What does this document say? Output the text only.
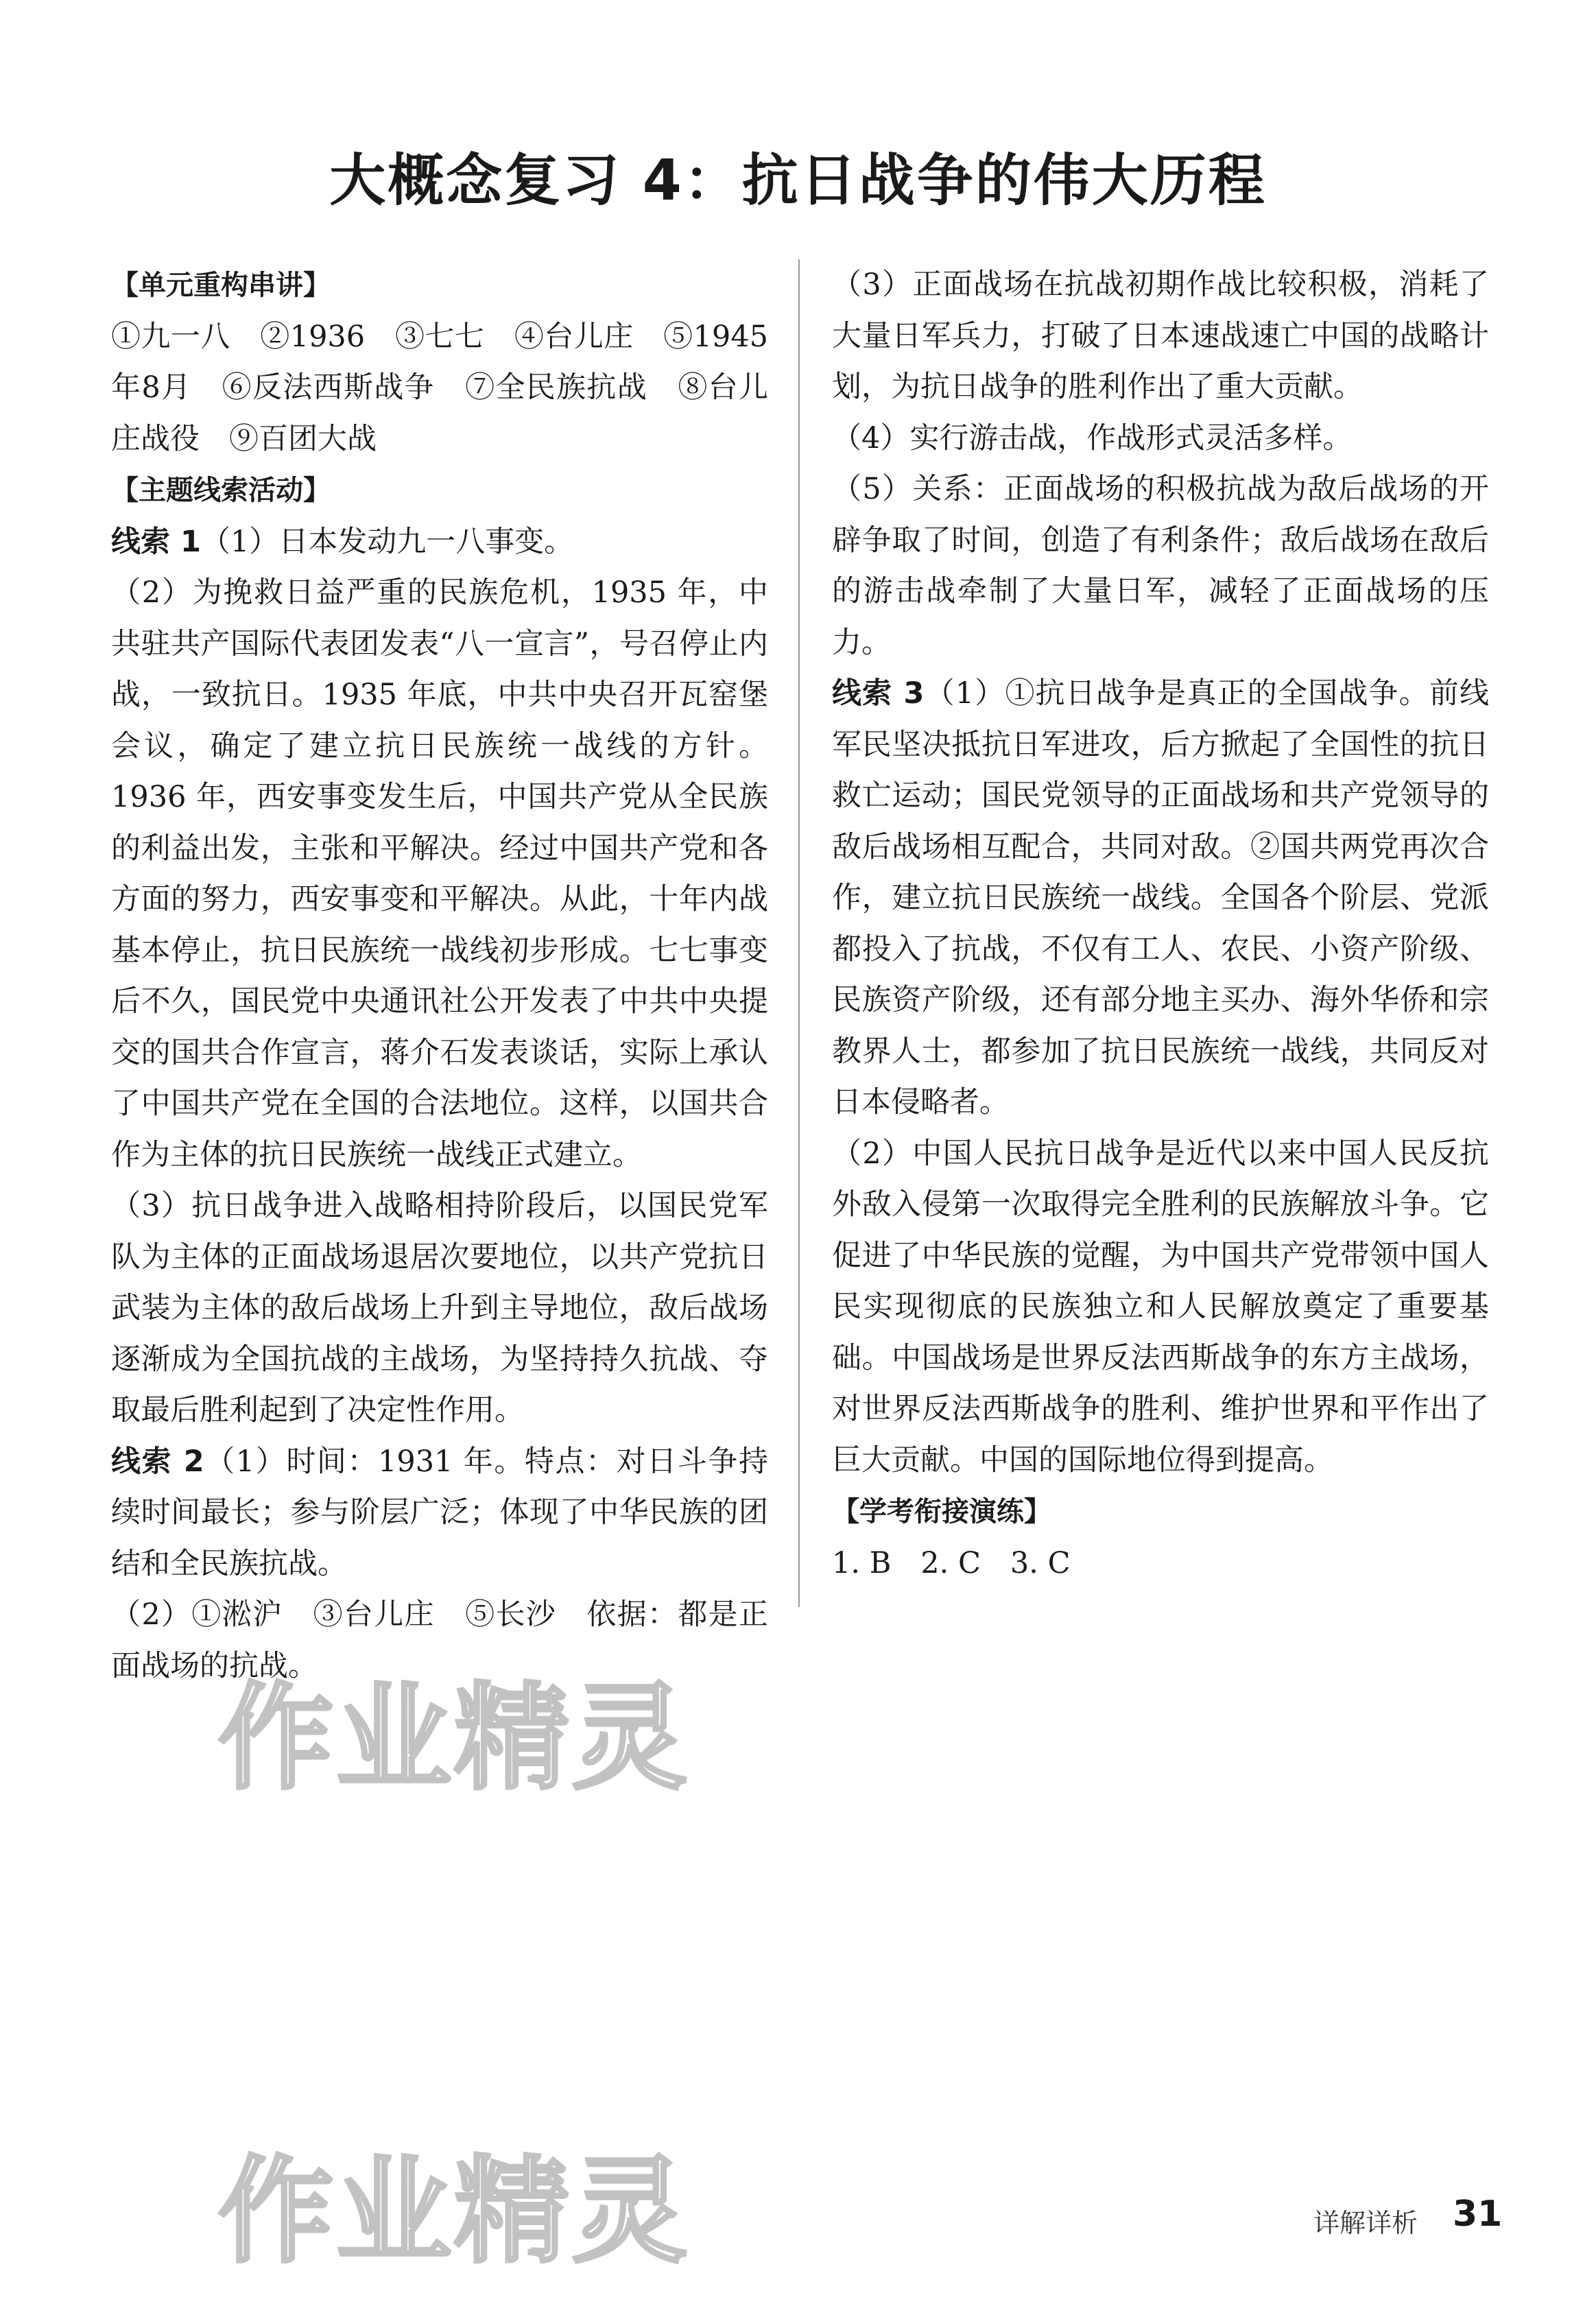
大概念复习 4：抗日战争的伟大历程

【单元重构串讲】

①九一八　②1936　③七七　④台儿庄　⑤1945年8月　⑥反法西斯战争　⑦全民族抗战　⑧台儿庄战役　⑨百团大战

【主题线索活动】

线索 1（1）日本发动九一八事变。

（2）为挽救日益严重的民族危机，1935 年，中共驻共产国际代表团发表“八一宣言”，号召停止内战，一致抗日。1935 年底，中共中央召开瓦窑堡会议，确定了建立抗日民族统一战线的方针。1936 年，西安事变发生后，中国共产党从全民族的利益出发，主张和平解决。经过中国共产党和各方面的努力，西安事变和平解决。从此，十年内战基本停止，抗日民族统一战线初步形成。七七事变后不久，国民党中央通讯社公开发表了中共中央提交的国共合作宣言，蒋介石发表谈话，实际上承认了中国共产党在全国的合法地位。这样，以国共合作为主体的抗日民族统一战线正式建立。

（3）抗日战争进入战略相持阶段后，以国民党军队为主体的正面战场退居次要地位，以共产党抗日武装为主体的敌后战场上升到主导地位，敌后战场逐渐成为全国抗战的主战场，为坚持持久抗战、夺取最后胜利起到了决定性作用。

线索 2（1）时间：1931 年。特点：对日斗争持续时间最长；参与阶层广泛；体现了中华民族的团结和全民族抗战。

（2）①淞沪　③台儿庄　⑤长沙　依据：都是正面战场的抗战。

（3）正面战场在抗战初期作战比较积极，消耗了大量日军兵力，打破了日本速战速亡中国的战略计划，为抗日战争的胜利作出了重大贡献。

（4）实行游击战，作战形式灵活多样。

（5）关系：正面战场的积极抗战为敌后战场的开辟争取了时间，创造了有利条件；敌后战场在敌后的游击战牵制了大量日军，减轻了正面战场的压力。

线索 3（1）①抗日战争是真正的全国战争。前线军民坚决抵抗日军进攻，后方掀起了全国性的抗日救亡运动；国民党领导的正面战场和共产党领导的敌后战场相互配合，共同对敌。②国共两党再次合作，建立抗日民族统一战线。全国各个阶层、党派都投入了抗战，不仅有工人、农民、小资产阶级、民族资产阶级，还有部分地主买办、海外华侨和宗教界人士，都参加了抗日民族统一战线，共同反对日本侵略者。

（2）中国人民抗日战争是近代以来中国人民反抗外敌入侵第一次取得完全胜利的民族解放斗争。它促进了中华民族的觉醒，为中国共产党带领中国人民实现彻底的民族独立和人民解放奠定了重要基础。中国战场是世界反法西斯战争的东方主战场，对世界反法西斯战争的胜利、维护世界和平作出了巨大贡献。中国的国际地位得到提高。

【学考衔接演练】

1. B　2. C　3. C

作业精灵
作业精灵	详解详析 31
